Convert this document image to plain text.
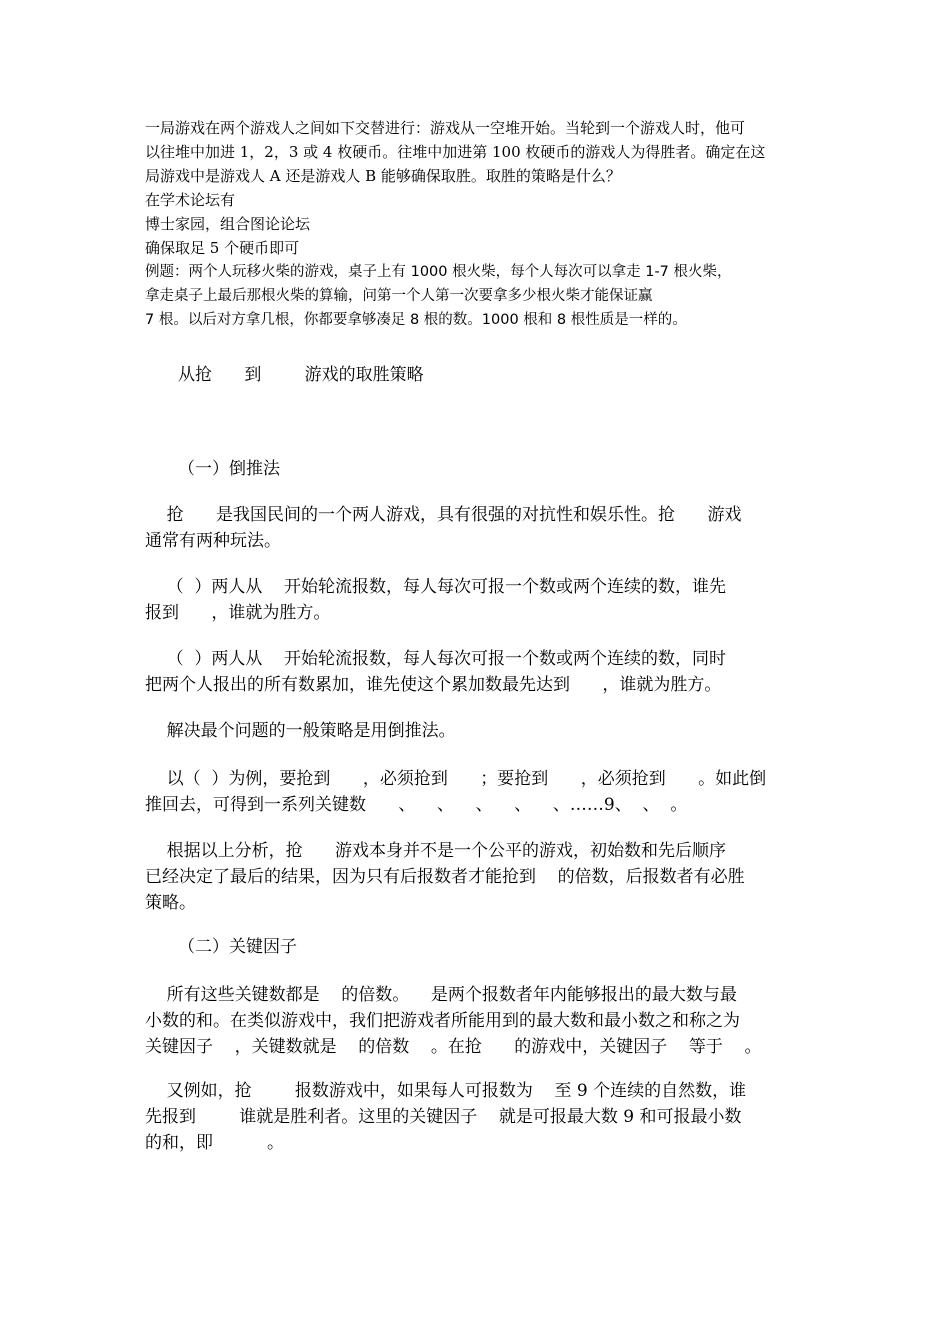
一局游戏在两个游戏人之间如下交替进行：游戏从一空堆开始。当轮到一个游戏人时，他可

以往堆中加进 1，2，3 或 4 枚硬币。往堆中加进第 100 枚硬币的游戏人为得胜者。确定在这

局游戏中是游戏人 A 还是游戏人 B 能够确保取胜。取胜的策略是什么？

在学术论坛有

博士家园，组合图论论坛

确保取足 5 个硬币即可

例题：两个人玩移火柴的游戏，桌子上有 1000 根火柴，每个人每次可以拿走 1-7 根火柴，

拿走桌子上最后那根火柴的算输，问第一个人第一次要拿多少根火柴才能保证赢

7 根。以后对方拿几根，你都要拿够凑足 8 根的数。1000 根和 8 根性质是一样的。

从抢      到        游戏的取胜策略

（一）倒推法

抢      是我国民间的一个两人游戏，具有很强的对抗性和娱乐性。抢      游戏

通常有两种玩法。

（  ）两人从    开始轮流报数，每人每次可报一个数或两个连续的数，谁先

报到      ，谁就为胜方。

（  ）两人从    开始轮流报数，每人每次可报一个数或两个连续的数，同时

把两个人报出的所有数累加，谁先使这个累加数最先达到      ，谁就为胜方。

解决最个问题的一般策略是用倒推法。

以（  ）为例，要抢到      ，必须抢到      ；要抢到      ，必须抢到      。如此倒

推回去，可得到一系列关键数      、    、    、    、    、……9、  、  。

根据以上分析，抢      游戏本身并不是一个公平的游戏，初始数和先后顺序

已经决定了最后的结果，因为只有后报数者才能抢到    的倍数，后报数者有必胜

策略。

（二）关键因子

所有这些关键数都是    的倍数。    是两个报数者年内能够报出的最大数与最

小数的和。在类似游戏中，我们把游戏者所能用到的最大数和最小数之和称之为

关键因子    ，关键数就是    的倍数    。在抢      的游戏中，关键因子    等于    。

又例如，抢        报数游戏中，如果每人可报数为    至 9 个连续的自然数，谁

先报到        谁就是胜利者。这里的关键因子    就是可报最大数 9 和可报最小数

的和，即          。
